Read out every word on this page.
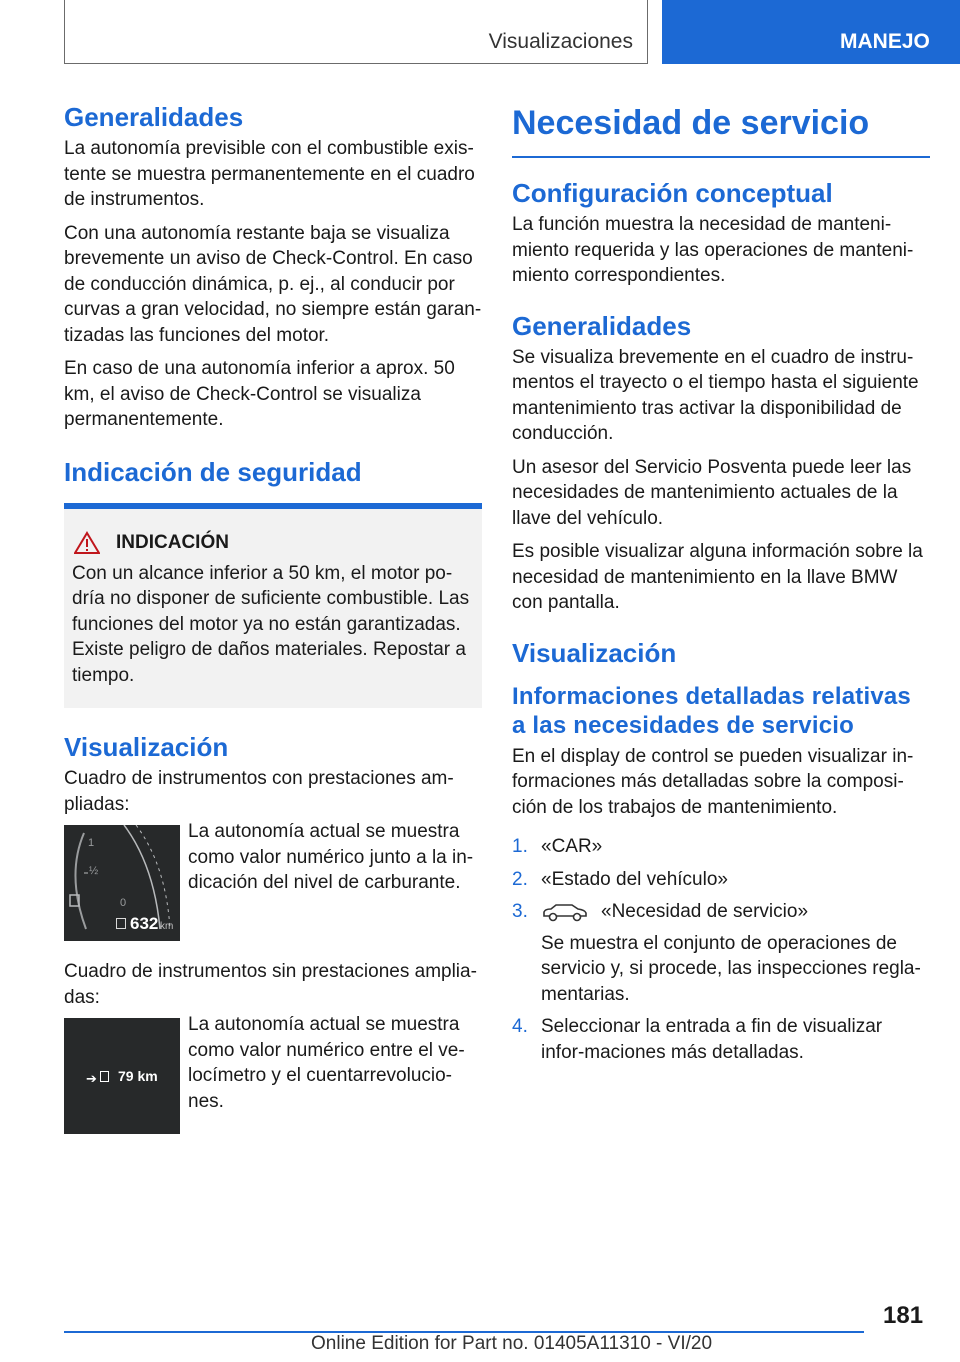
Visualizaciones	MANEJO
Generalidades

La autonomía previsible con el combustible exis-tente se muestra permanentemente en el cuadro de instrumentos.

Con una autonomía restante baja se visualiza brevemente un aviso de Check-Control. En caso de conducción dinámica, p. ej., al conducir por curvas a gran velocidad, no siempre están garan-tizadas las funciones del motor.

En caso de una autonomía inferior a aprox. 50 km, el aviso de Check-Control se visualiza permanentemente.

Indicación de seguridad
INDICACIÓN

Con un alcance inferior a 50 km, el motor po-dría no disponer de suficiente combustible. Las funciones del motor ya no están garantizadas. Existe peligro de daños materiales. Repostar a tiempo.

Visualización

Cuadro de instrumentos con prestaciones am-pliadas:

1
½
0
632 km
La autonomía actual se muestra como valor numérico junto a la in-dicación del nivel de carburante.

Cuadro de instrumentos sin prestaciones amplia-das:

➔ 79 km
La autonomía actual se muestra como valor numérico entre el ve-locímetro y el cuentarrevolucio-nes.
Necesidad de servicio
Configuración conceptual

La función muestra la necesidad de manteni-miento requerida y las operaciones de manteni-miento correspondientes.

Generalidades

Se visualiza brevemente en el cuadro de instru-mentos el trayecto o el tiempo hasta el siguiente mantenimiento tras activar la disponibilidad de conducción.

Un asesor del Servicio Posventa puede leer las necesidades de mantenimiento actuales de la llave del vehículo.

Es posible visualizar alguna información sobre la necesidad de mantenimiento en la llave BMW con pantalla.

Visualización
Informaciones detalladas relativas a las necesidades de servicio

En el display de control se pueden visualizar in-formaciones más detalladas sobre la composi-ción de los trabajos de mantenimiento.

1. «CAR»
2. «Estado del vehículo»
3.	«Necesidad de servicio»

Se muestra el conjunto de operaciones de servicio y, si procede, las inspecciones regla-mentarias.

4. Seleccionar la entrada a fin de visualizar infor-maciones más detalladas.
181
Online Edition for Part no. 01405A11310 - VI/20
